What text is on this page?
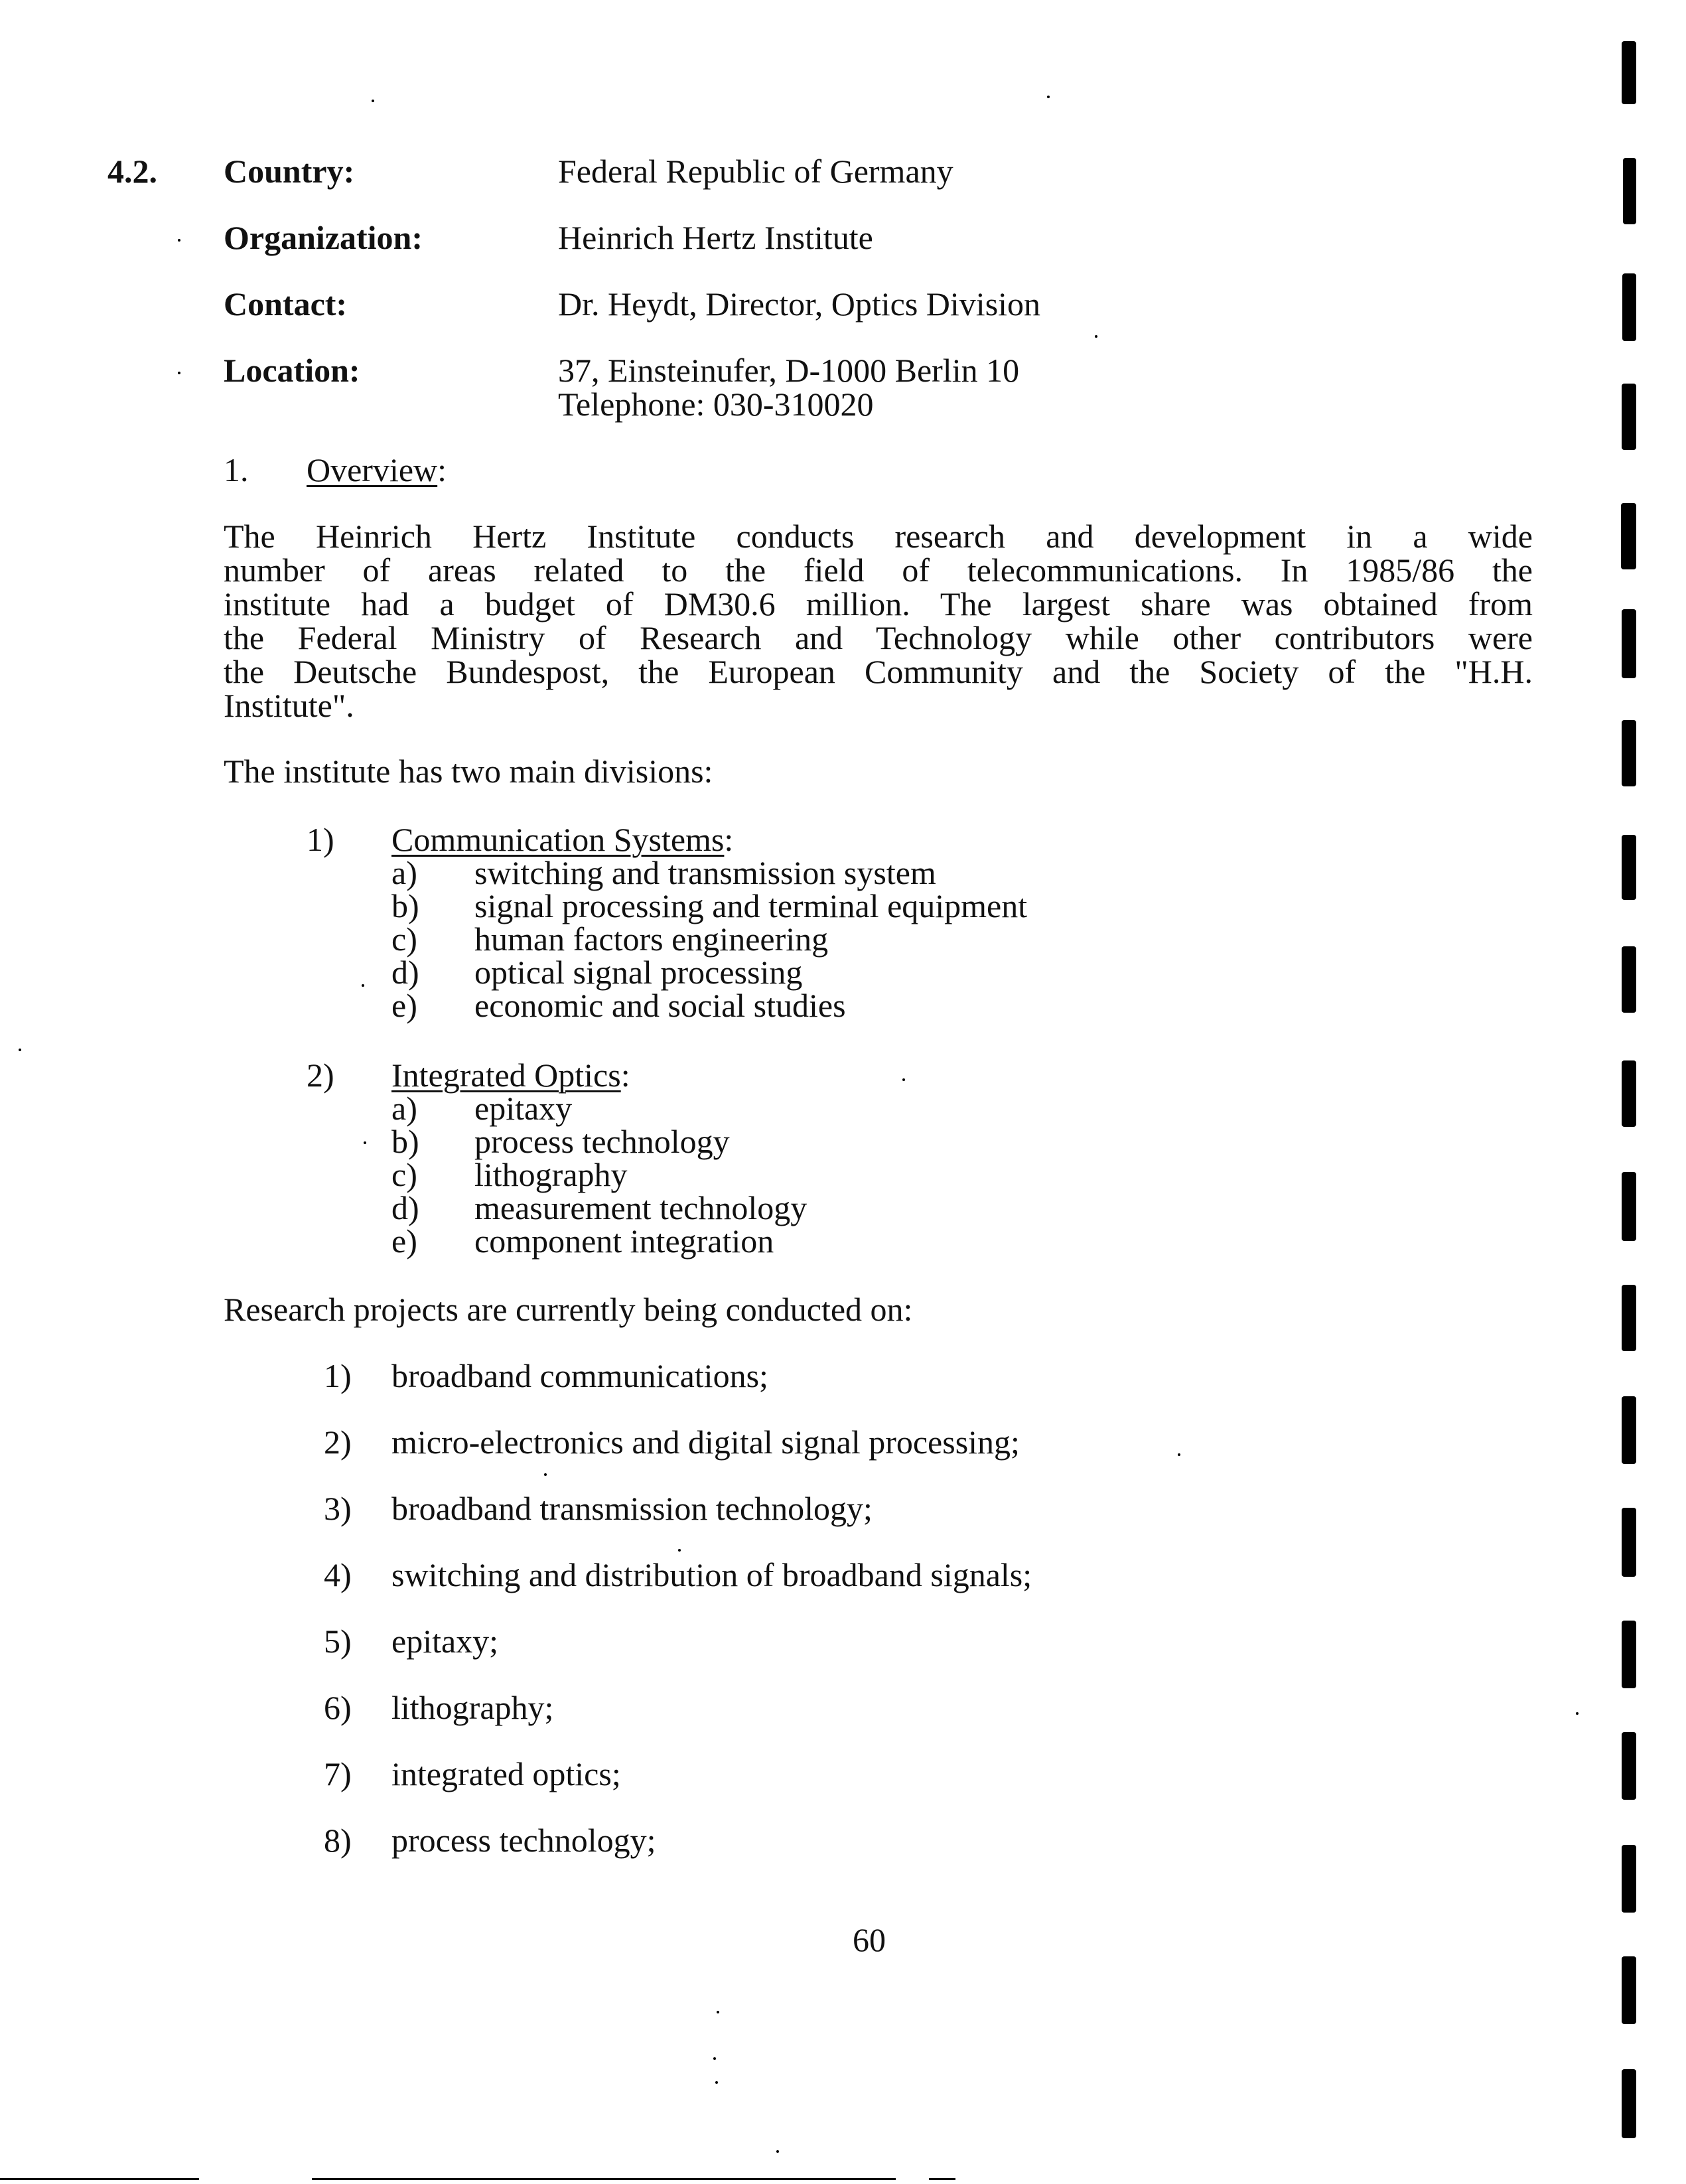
4.2. Country:	Federal Republic of Germany
Organization:	Heinrich Hertz Institute
Contact:	Dr. Heydt, Director, Optics Division
Location:	37, Einsteinufer, D-1000 Berlin 10
Telephone: 030-310020
1. Overview:
The Heinrich Hertz Institute conducts research and development in a wide
number of areas related to the field of telecommunications. In 1985/86 the
institute had a budget of DM30.6 million. The largest share was obtained from
the Federal Ministry of Research and Technology while other contributors were
the Deutsche Bundespost, the European Community and the Society of the "H.H.
Institute".
The institute has two main divisions:
1) Communication Systems:
a) switching and transmission system
b) signal processing and terminal equipment
c) human factors engineering
d) optical signal processing
e) economic and social studies
2) Integrated Optics:
a) epitaxy
b) process technology
c) lithography
d) measurement technology
e) component integration
Research projects are currently being conducted on:
1) broadband communications;
2) micro-electronics and digital signal processing;
3) broadband transmission technology;
4) switching and distribution of broadband signals;
5) epitaxy;
6) lithography;
7) integrated optics;
8) process technology;
60
